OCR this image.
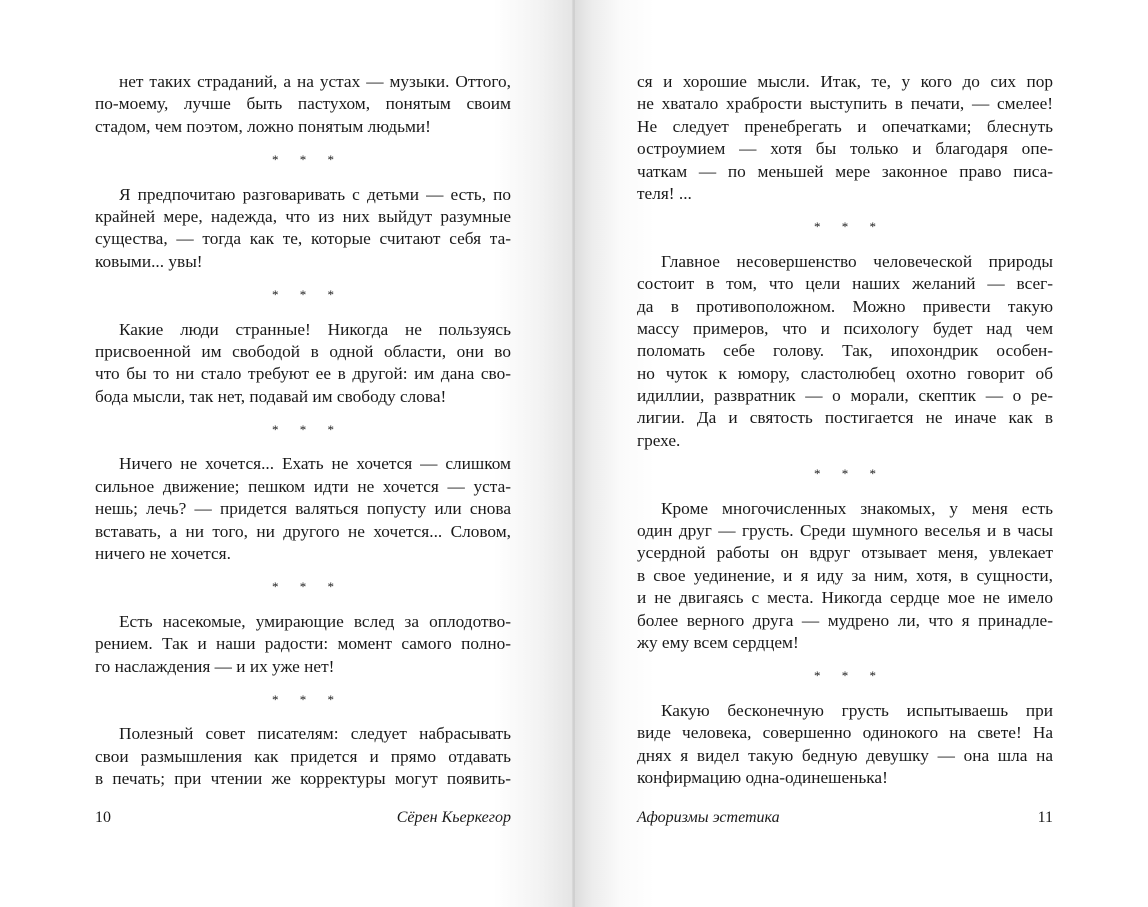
нет таких страданий, а на устах — музыки. Оттого,
по-моему, лучше быть пастухом, понятым своим
стадом, чем поэтом, ложно понятым людьми!
* * *
Я предпочитаю разговаривать с детьми — есть, по
крайней мере, надежда, что из них выйдут разумные
существа, — тогда как те, которые считают себя та-
ковыми... увы!
* * *
Какие люди странные! Никогда не пользуясь
присвоенной им свободой в одной области, они во
что бы то ни стало требуют ее в другой: им дана сво-
бода мысли, так нет, подавай им свободу слова!
* * *
Ничего не хочется... Ехать не хочется — слишком
сильное движение; пешком идти не хочется — уста-
нешь; лечь? — придется валяться попусту или снова
вставать, а ни того, ни другого не хочется... Словом,
ничего не хочется.
* * *
Есть насекомые, умирающие вслед за оплодотво-
рением. Так и наши радости: момент самого полно-
го наслаждения — и их уже нет!
* * *
Полезный совет писателям: следует набрасывать
свои размышления как придется и прямо отдавать
в печать; при чтении же корректуры могут появить-
10	Сёрен Кьеркегор
ся и хорошие мысли. Итак, те, у кого до сих пор
не хватало храбрости выступить в печати, — смелее!
Не следует пренебрегать и опечатками; блеснуть
остроумием — хотя бы только и благодаря опе-
чаткам — по меньшей мере законное право писа-
теля! ...
* * *
Главное несовершенство человеческой природы
состоит в том, что цели наших желаний — всег-
да в противоположном. Можно привести такую
массу примеров, что и психологу будет над чем
поломать себе голову. Так, ипохондрик особен-
но чуток к юмору, сластолюбец охотно говорит об
идиллии, развратник — о морали, скептик — о ре-
лигии. Да и святость постигается не иначе как в
грехе.
* * *
Кроме многочисленных знакомых, у меня есть
один друг — грусть. Среди шумного веселья и в часы
усердной работы он вдруг отзывает меня, увлекает
в свое уединение, и я иду за ним, хотя, в сущности,
и не двигаясь с места. Никогда сердце мое не имело
более верного друга — мудрено ли, что я принадле-
жу ему всем сердцем!
* * *
Какую бесконечную грусть испытываешь при
виде человека, совершенно одинокого на свете! На
днях я видел такую бедную девушку — она шла на
конфирмацию одна-одинешенька!
Афоризмы эстетика	11
